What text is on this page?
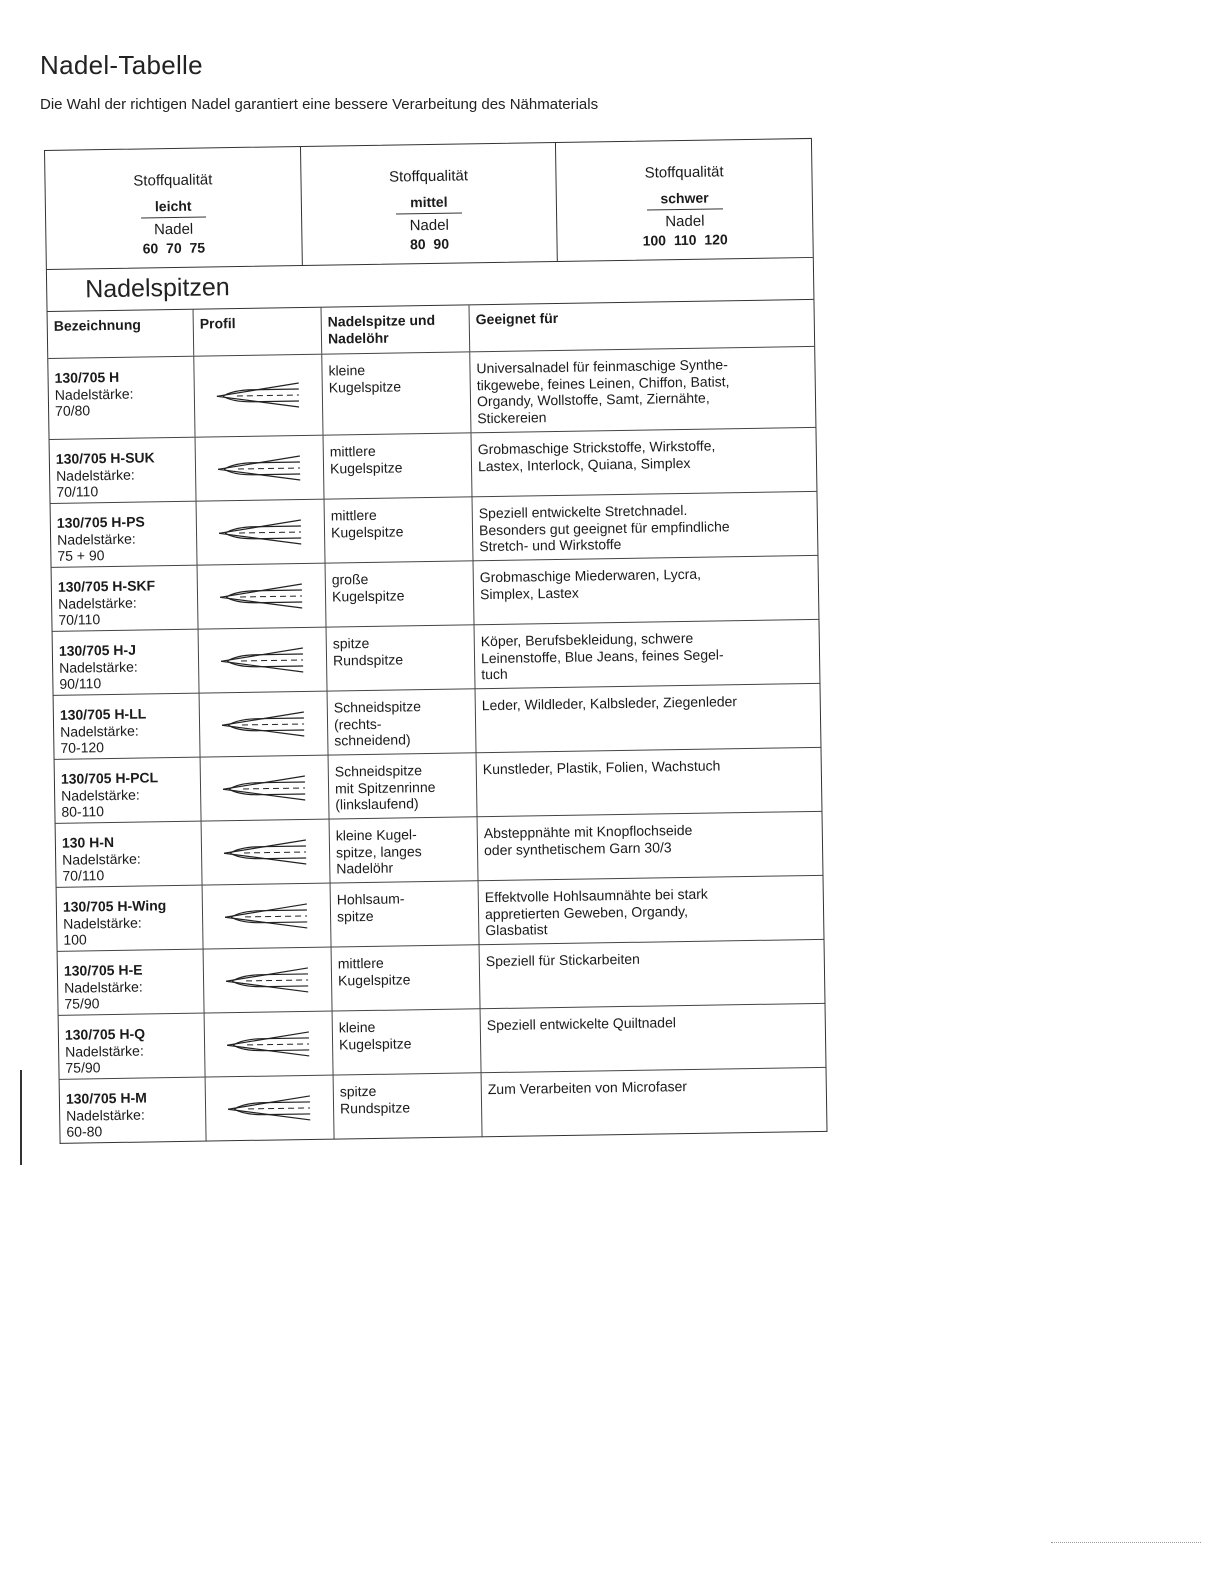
Nadel-Tabelle
Die Wahl der richtigen Nadel garantiert eine bessere Verarbeitung des Nähmaterials
Stoffqualität
leicht
Nadel
60 70 75
Stoffqualität
mittel
Nadel
80 90
Stoffqualität
schwer
Nadel
100 110 120
Nadelspitzen
Bezeichnung	Profil	Nadelspitze und Nadelöhr
Geeignet für
130/705 H
Nadelstärke:
70/80
kleine
Kugelspitze
Universalnadel für feinmaschige Synthe-
tikgewebe, feines Leinen, Chiffon, Batist,
Organdy, Wollstoffe, Samt, Ziernähte,
Stickereien
130/705 H-SUK
Nadelstärke:
70/110
mittlere
Kugelspitze
Grobmaschige Strickstoffe, Wirkstoffe,
Lastex, Interlock, Quiana, Simplex
130/705 H-PS
Nadelstärke:
75 + 90
mittlere
Kugelspitze
Speziell entwickelte Stretchnadel.
Besonders gut geeignet für empfindliche
Stretch- und Wirkstoffe
130/705 H-SKF
Nadelstärke:
70/110
große
Kugelspitze
Grobmaschige Miederwaren, Lycra,
Simplex, Lastex
130/705 H-J
Nadelstärke:
90/110
spitze
Rundspitze
Köper, Berufsbekleidung, schwere
Leinenstoffe, Blue Jeans, feines Segel-
tuch
130/705 H-LL
Nadelstärke:
70-120
Schneidspitze
(rechts-
schneidend)
Leder, Wildleder, Kalbsleder, Ziegenleder
130/705 H-PCL
Nadelstärke:
80-110
Schneidspitze
mit Spitzenrinne
(linkslaufend)
Kunstleder, Plastik, Folien, Wachstuch
130 H-N
Nadelstärke:
70/110
kleine Kugel-
spitze, langes
Nadelöhr
Absteppnähte mit Knopflochseide
oder synthetischem Garn 30/3
130/705 H-Wing
Nadelstärke:
100
Hohlsaum-
spitze
Effektvolle Hohlsaumnähte bei stark
appretierten Geweben, Organdy,
Glasbatist
130/705 H-E
Nadelstärke:
75/90
mittlere
Kugelspitze
Speziell für Stickarbeiten
130/705 H-Q
Nadelstärke:
75/90
kleine
Kugelspitze
Speziell entwickelte Quiltnadel
130/705 H-M
Nadelstärke:
60-80
spitze
Rundspitze
Zum Verarbeiten von Microfaser
